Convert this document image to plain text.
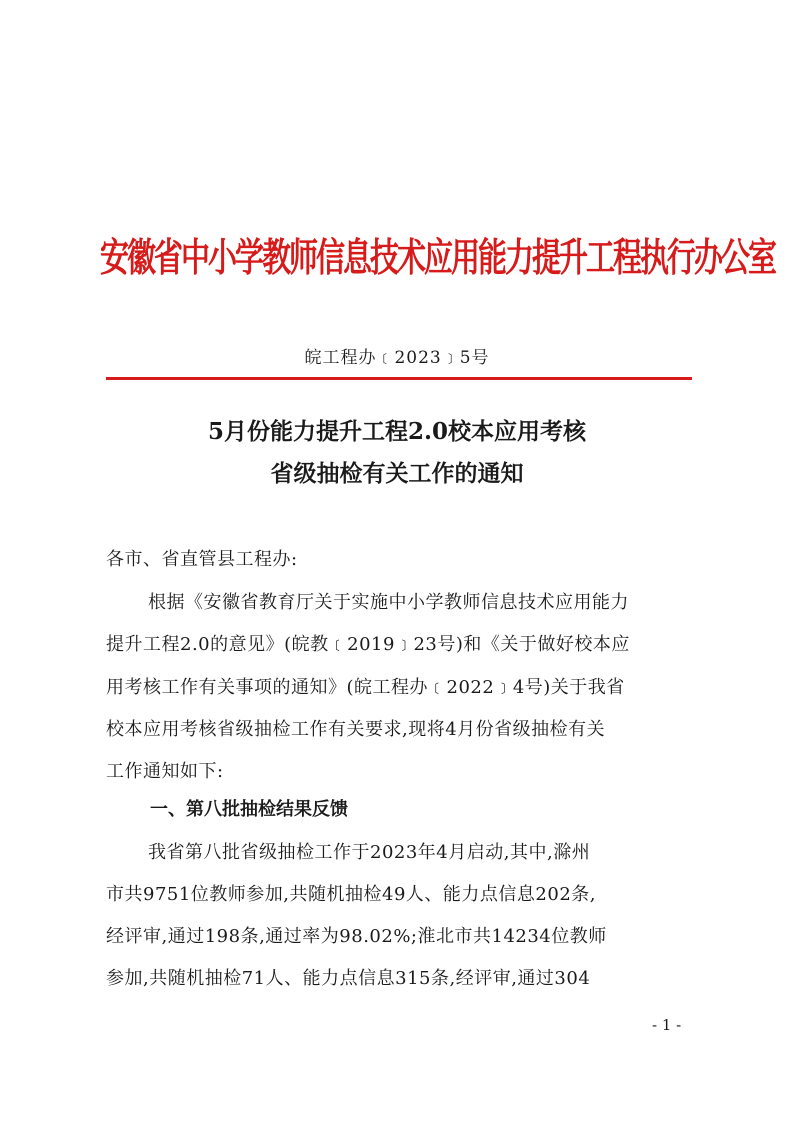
安徽省中小学教师信息技术应用能力提升工程执行办公室
皖工程办﹝2023﹞5号
5月份能力提升工程2.0校本应用考核
省级抽检有关工作的通知
各市、省直管县工程办:
根据《安徽省教育厅关于实施中小学教师信息技术应用能力
提升工程2.0的意见》(皖教﹝2019﹞23号)和《关于做好校本应
用考核工作有关事项的通知》(皖工程办﹝2022﹞4号)关于我省
校本应用考核省级抽检工作有关要求,现将4月份省级抽检有关
工作通知如下:
一、第八批抽检结果反馈
我省第八批省级抽检工作于2023年4月启动,其中,滁州
市共9751位教师参加,共随机抽检49人、能力点信息202条,
经评审,通过198条,通过率为98.02%;淮北市共14234位教师
参加,共随机抽检71人、能力点信息315条,经评审,通过304
- 1 -
